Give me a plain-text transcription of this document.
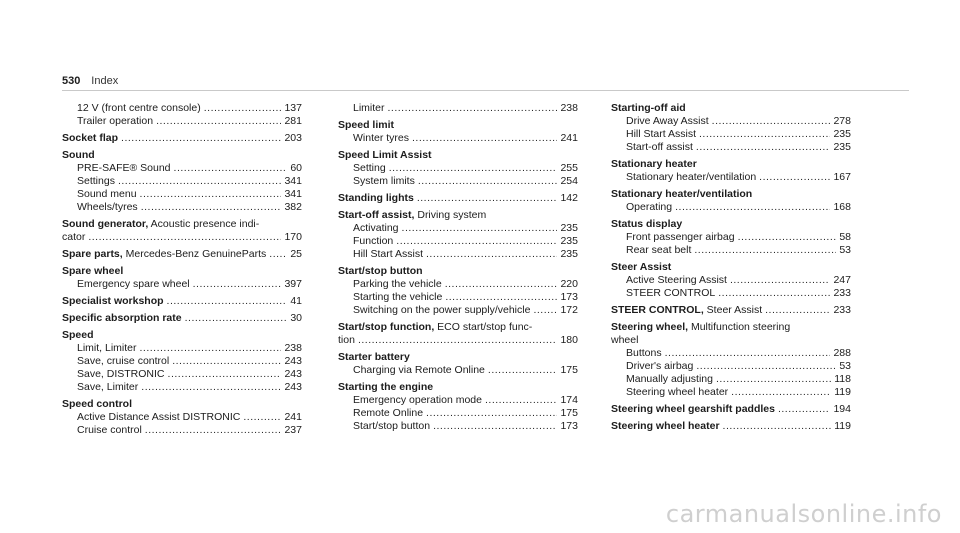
530 Index
12 V (front centre console) .....	137
Trailer operation .....	281
Socket flap .....	203
Sound
PRE-SAFE® Sound .....	60
Settings .....	341
Sound menu .....	341
Wheels/tyres .....	382
Sound generator, Acoustic presence indi-
cator .....	170
Spare parts, Mercedes-Benz GenuineParts ..... 25
Spare wheel
Emergency spare wheel .....	397
Specialist workshop .....	41
Specific absorption rate .....	30
Speed
Limit, Limiter .....	238
Save, cruise control .....	243
Save, DISTRONIC .....	243
Save, Limiter .....	243
Speed control
Active Distance Assist DISTRONIC .....	241
Cruise control .....	237
Limiter .....	238
Speed limit
Winter tyres .....	241
Speed Limit Assist
Setting .....	255
System limits .....	254
Standing lights .....	142
Start-off assist, Driving system
Activating .....	235
Function .....	235
Hill Start Assist .....	235
Start/stop button
Parking the vehicle .....	220
Starting the vehicle .....	173
Switching on the power supply/vehicle .....	172
Start/stop function, ECO start/stop func-
tion .....	180
Starter battery
Charging via Remote Online .....	175
Starting the engine
Emergency operation mode .....	174
Remote Online .....	175
Start/stop button .....	173
Starting-off aid
Drive Away Assist .....	278
Hill Start Assist .....	235
Start-off assist .....	235
Stationary heater
Stationary heater/ventilation .....	167
Stationary heater/ventilation
Operating .....	168
Status display
Front passenger airbag .....	58
Rear seat belt .....	53
Steer Assist
Active Steering Assist .....	247
STEER CONTROL .....	233
STEER CONTROL, Steer Assist .....	233
Steering wheel, Multifunction steering
wheel
Buttons .....	288
Driver's airbag .....	53
Manually adjusting .....	118
Steering wheel heater .....	119
Steering wheel gearshift paddles .....	194
Steering wheel heater .....	119
carmanualsonline.info
